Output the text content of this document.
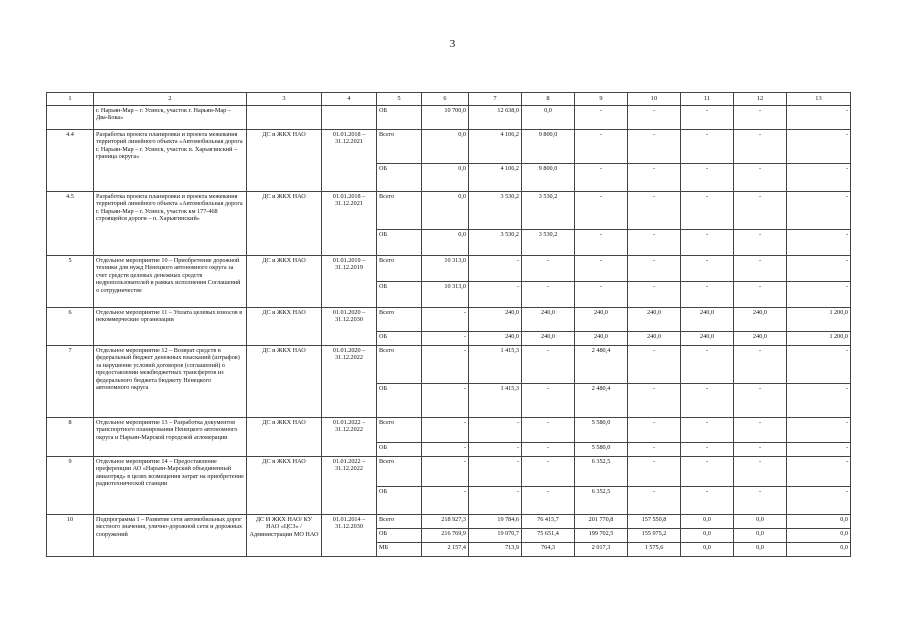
3
1	2	3	4	5	6	7	8	9	10	11	12	13
	г. Нарьян-Мар – г. Усинск, участок г. Нарьян-Мар – Два-Бока»			ОБ	10 700,0	12 638,0	0,0	-	-	-	-	-
4.4	Разработка проекта планировки и проекта межевания территорий линейного объекта «Автомобильная дорога г. Нарьян-Мар – г. Усинск, участок п. Харьягинский – граница округа»	ДС и ЖКХ НАО	01.01.2018 – 31.12.2021	Всего	0,0	4 106,2	9 800,0	-	-	-	-	-
				ОБ	0,0	4 106,2	9 800,0	-	-	-	-	-
4.5	Разработка проекта планировки и проекта межевания территорий линейного объекта «Автомобильная дорога г. Нарьян-Мар – г. Усинск, участок км 177-468 строящейся дороги – п. Харьягинский»	ДС и ЖКХ НАО	01.01.2018 – 31.12.2021	Всего	0,0	3 530,2	3 530,2	-	-	-	-	-
				ОБ	0,0	3 530,2	3 530,2	-	-	-	-	-
5	Отдельное мероприятие 10 – Приобретение дорожной техники для нужд Ненецкого автономного округа за счет средств целевых денежных средств недропользователей в рамках исполнения Соглашений о сотрудничестве	ДС и ЖКХ НАО	01.01.2019 – 31.12.2019	Всего	10 313,0	-	-	-	-	-	-	-
				ОБ	10 313,0	-	-	-	-	-	-	-
6	Отдельное мероприятие 11 – Уплата целевых взносов в некоммерческие организации	ДС и ЖКХ НАО	01.01.2020 – 31.12.2030	Всего	-	240,0	240,0	240,0	240,0	240,0	240,0	1 200,0
				ОБ	-	240,0	240,0	240,0	240,0	240,0	240,0	1 200,0
7	Отдельное мероприятие 12 – Возврат средств в федеральный бюджет денежных взысканий (штрафов) за нарушение условий договоров (соглашений) о предоставлении межбюджетных трансфертов из федерального бюджета бюджету Ненецкого автономного округа	ДС и ЖКХ НАО	01.01.2020 – 31.12.2022	Всего	-	1 415,3	-	2 480,4	-	-	-	-
				ОБ	-	1 415,3	-	2 480,4	-	-	-	-
8	Отдельное мероприятие 13 – Разработка документов транспортного планирования Ненецкого автономного округа и Нарьян-Марской городской агломерации	ДС и ЖКХ НАО	01.01.2022 – 31.12.2022	Всего	-	-	-	5 580,0	-	-	-	-
				ОБ	-	-	-	5 580,0	-	-	-	-
9	Отдельное мероприятие 14 – Предоставление преференции АО «Нарьян-Марский объединенный авиаотряд» в целях возмещения затрат на приобретение радиотехнической станции	ДС и ЖКХ НАО	01.01.2022 – 31.12.2022	Всего	-	-	-	6 352,5	-	-	-	-
				ОБ	-	-	-	6 352,5	-	-	-	-
10	Подпрограмма 1 – Развитие сети автомобильных дорог местного значения, улично-дорожной сети и дорожных сооружений	ДС И ЖКХ НАО/ КУ НАО «ЦСЗ» / Администрации МО НАО	01.01.2014 – 31.12.2030	Всего	218 927,3	19 784,6	76 415,7	201 770,8	157 550,8	0,0	0,0	0,0
				ОБ	216 769,9	19 070,7	75 651,4	199 702,5	155 975,2	0,0	0,0	0,0
				МБ	2 157,4	713,9	764,3	2 017,3	1 575,6	0,0	0,0	0,0
